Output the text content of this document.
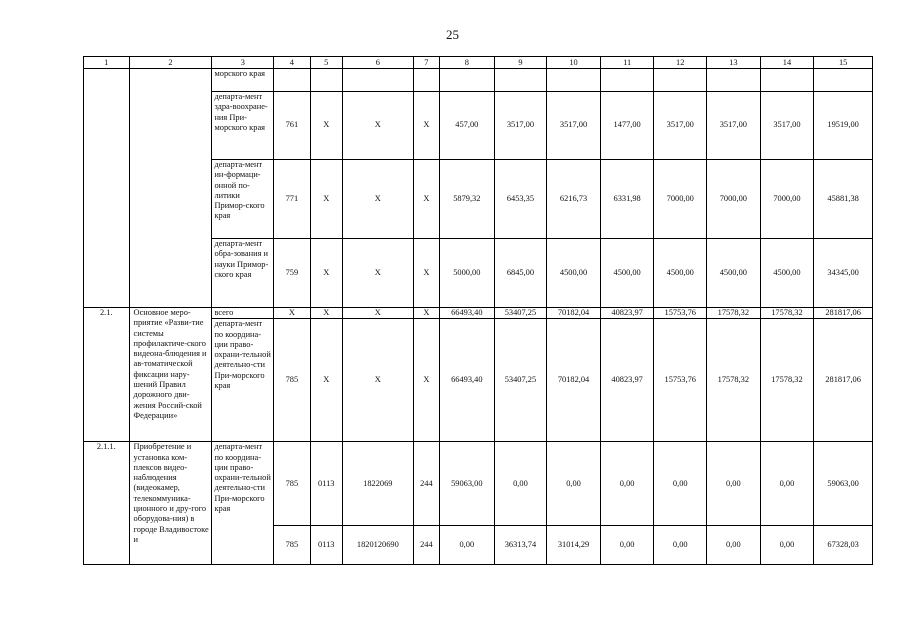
25
1	2	3	4	5	6	7	8	9	10	11	12	13	14	15
		морского края												
		департа-мент здра-воохране-ния При-морского края	761	X	X	X	457,00	3517,00	3517,00	1477,00	3517,00	3517,00	3517,00	19519,00
		департа-мент ин-формаци-онной по-литики Примор-ского края	771	X	X	X	5879,32	6453,35	6216,73	6331,98	7000,00	7000,00	7000,00	45881,38
		департа-мент обра-зования и науки Примор-ского края	759	X	X	X	5000,00	6845,00	4500,00	4500,00	4500,00	4500,00	4500,00	34345,00
2.1.	Основное меро-приятие «Разви-тие системы профилактиче-ского видеона-блюдения и ав-томатической фиксации нару-шений Правил дорожного дви-жения Россий-ской Федерации»	всего	X	X	X	X	66493,40	53407,25	70182,04	40823,97	15753,76	17578,32	17578,32	281817,06
		департа-мент по координа-ции право-охрани-тельной деятельно-сти При-морского края	785	X	X	X	66493,40	53407,25	70182,04	40823,97	15753,76	17578,32	17578,32	281817,06
2.1.1.	Приобретение и установка ком-плексов видео-наблюдения (видеокамер, телекоммуника-ционного и дру-гого оборудова-ния) в городе Владивостоке и	департа-мент по координа-ции право-охрани-тельной деятельно-сти При-морского края	785	0113	1822069	244	59063,00	0,00	0,00	0,00	0,00	0,00	0,00	59063,00
			785	0113	1820120690	244	0,00	36313,74	31014,29	0,00	0,00	0,00	0,00	67328,03
